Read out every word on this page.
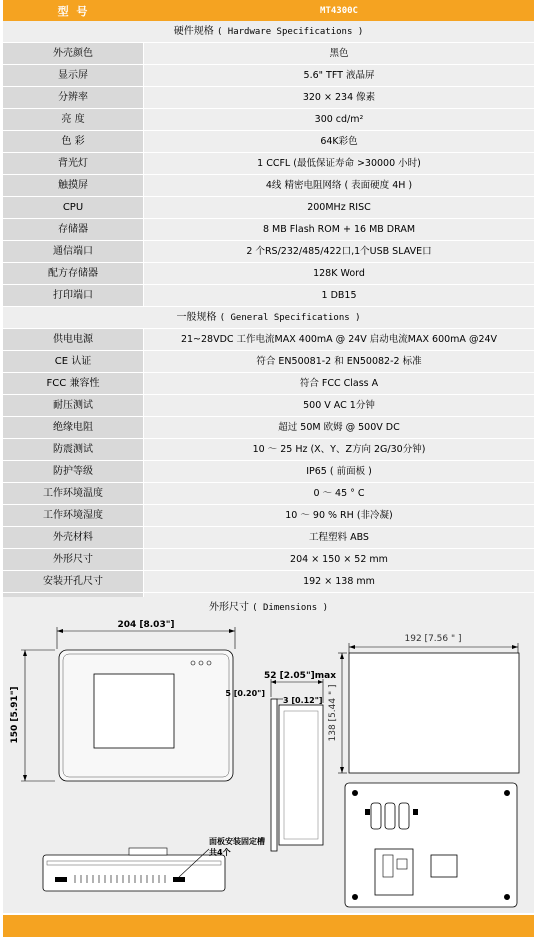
型 号	MT4300C
硬件规格 ( Hardware Specifications )
外壳颜色	黑色
显示屏	5.6" TFT 液晶屏
分辨率	320 × 234 像素
亮 度	300 cd/m²
色 彩	64K彩色
背光灯	1 CCFL (最低保证寿命 >30000 小时)
触摸屏	4线 精密电阻网络 ( 表面硬度 4H )
CPU	200MHz RISC
存储器	8 MB Flash ROM + 16 MB DRAM
通信端口	2 个RS/232/485/422口,1个USB SLAVE口
配方存储器	128K Word
打印端口	1 DB15
一般规格 ( General Specifications )
供电电源	21~28VDC 工作电流MAX 400mA @ 24V 启动电流MAX 600mA @24V
CE 认证	符合 EN50081-2 和 EN50082-2 标准
FCC 兼容性	符合 FCC Class A
耐压测试	500 V AC 1分钟
绝缘电阻	超过 50M 欧姆 @ 500V DC
防震测试	10 ～ 25 Hz (X、Y、Z方向 2G/30分钟)
防护等级	IP65 ( 前面板 )
工作环境温度	0 ～ 45 ° C
工作环境湿度	10 ～ 90 % RH (非冷凝)
外壳材料	工程塑料 ABS
外形尺寸	204 × 150 × 52 mm
安装开孔尺寸	192 × 138 mm
外形尺寸 ( Dimensions )
204 [8.03"]
150 [5.91"]
52 [2.05"]max
5 [0.20"]
3 [0.12"]
192 [7.56 " ]
138 [5.44 " ]
面板安装固定槽
共4个
